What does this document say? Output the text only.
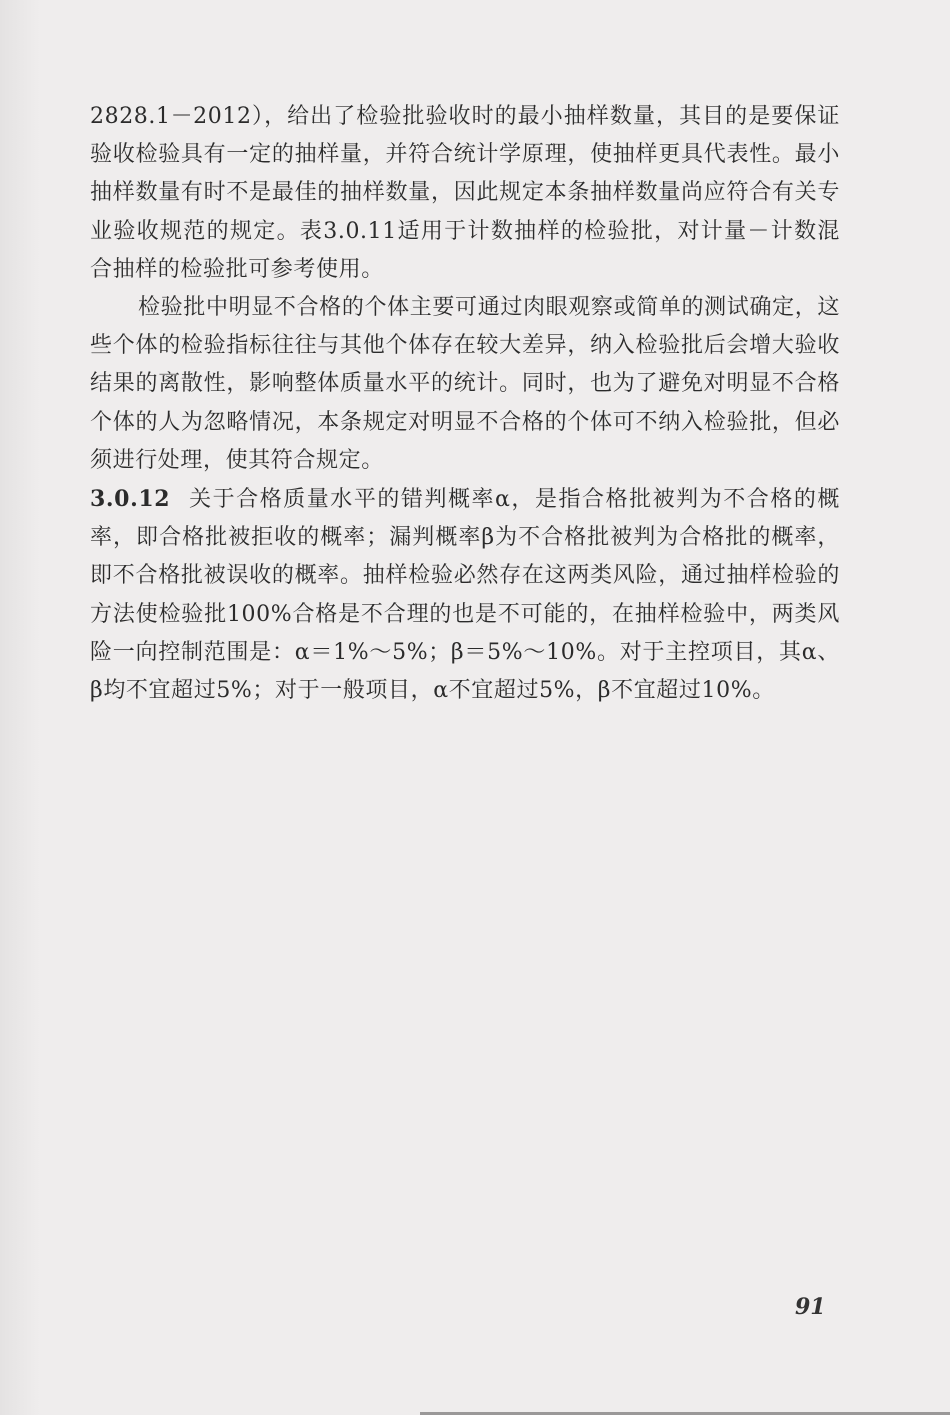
2828.1－2012），给出了检验批验收时的最小抽样数量，其目的是要保证验收检验具有一定的抽样量，并符合统计学原理，使抽样更具代表性。最小抽样数量有时不是最佳的抽样数量，因此规定本条抽样数量尚应符合有关专业验收规范的规定。表3.0.11适用于计数抽样的检验批，对计量－计数混合抽样的检验批可参考使用。

检验批中明显不合格的个体主要可通过肉眼观察或简单的测试确定，这些个体的检验指标往往与其他个体存在较大差异，纳入检验批后会增大验收结果的离散性，影响整体质量水平的统计。同时，也为了避免对明显不合格个体的人为忽略情况，本条规定对明显不合格的个体可不纳入检验批，但必须进行处理，使其符合规定。

3.0.12 关于合格质量水平的错判概率α，是指合格批被判为不合格的概率，即合格批被拒收的概率；漏判概率β为不合格批被判为合格批的概率，即不合格批被误收的概率。抽样检验必然存在这两类风险，通过抽样检验的方法使检验批100%合格是不合理的也是不可能的，在抽样检验中，两类风险一向控制范围是：α＝1%～5%；β＝5%～10%。对于主控项目，其α、β均不宜超过5%；对于一般项目，α不宜超过5%，β不宜超过10%。

91
